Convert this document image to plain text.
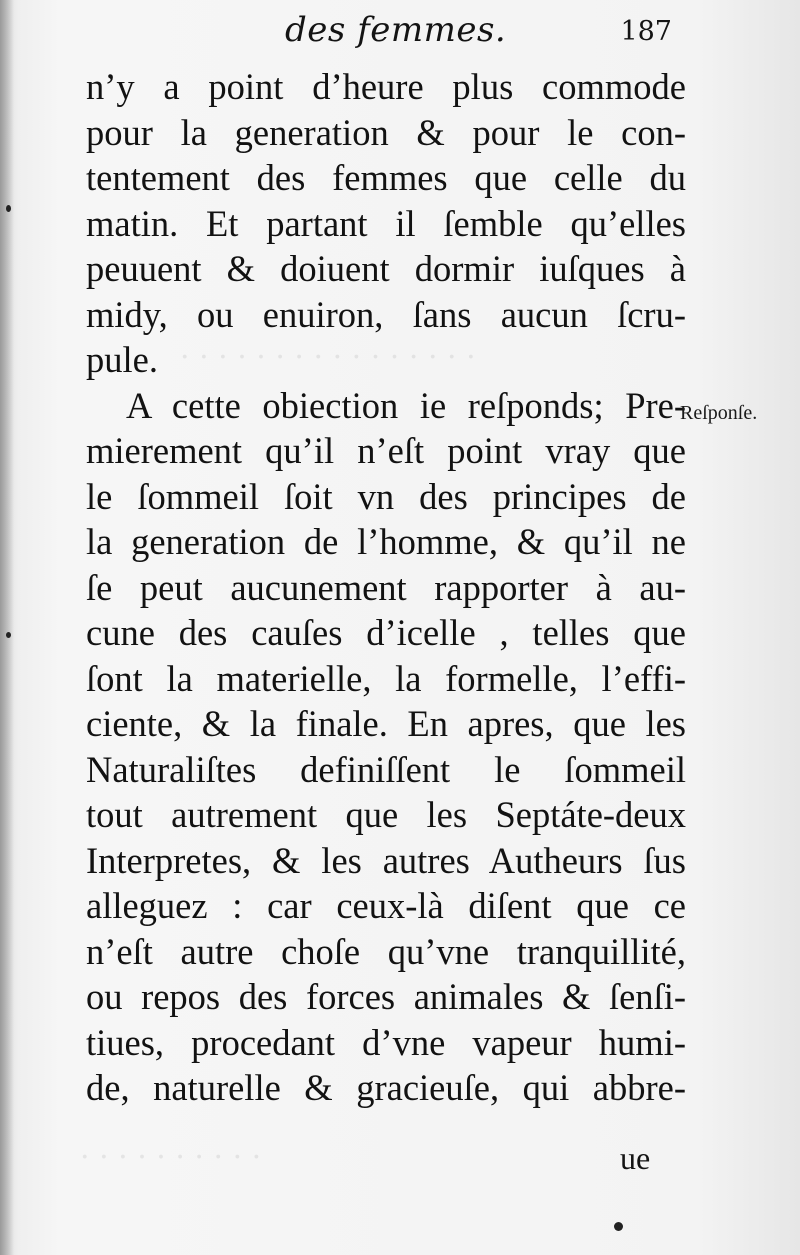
· · · · · · · · · · · · · · · ·
· · · · · · · · · ·
des femmes.	187
n’y a point d’heure plus commode
pour la generation & pour le con-
tentement des femmes que celle du
matin. Et partant il ſemble qu’elles
peuuent & doiuent dormir iuſques à
midy, ou enuiron, ſans aucun ſcru-
pule.
A cette obiection ie reſponds; Pre-
mierement qu’il n’eſt point vray que
le ſommeil ſoit vn des principes de
la generation de l’homme, & qu’il ne
ſe peut aucunement rapporter à au-
cune des cauſes d’icelle , telles que
ſont la materielle, la formelle, l’effi-
ciente, & la finale. En apres, que les
Naturaliſtes definiſſent le ſommeil
tout autrement que les Septáte-deux
Interpretes, & les autres Autheurs ſus
alleguez : car ceux-là diſent que ce
n’eſt autre choſe qu’vne tranquillité,
ou repos des forces animales & ſenſi-
tiues, procedant d’vne vapeur humi-
de, naturelle & gracieuſe, qui abbre-
Reſponſe.
ue
